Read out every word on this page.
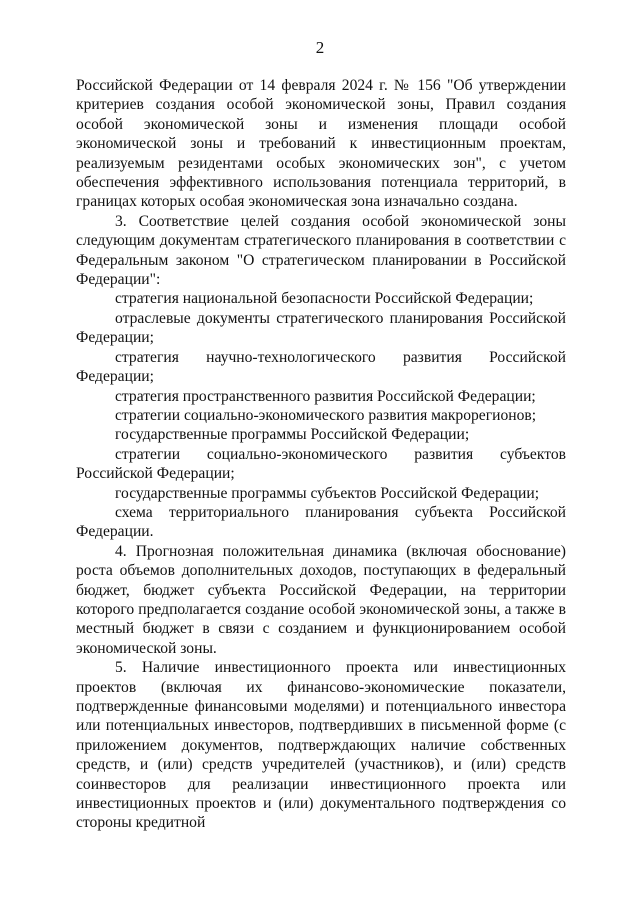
2

Российской Федерации от 14 февраля 2024 г. № 156 "Об утверждении критериев создания особой экономической зоны, Правил создания особой экономической зоны и изменения площади особой экономической зоны и требований к инвестиционным проектам, реализуемым резидентами особых экономических зон", с учетом обеспечения эффективного использования потенциала территорий, в границах которых особая экономическая зона изначально создана.

3. Соответствие целей создания особой экономической зоны следующим документам стратегического планирования в соответствии с Федеральным законом "О стратегическом планировании в Российской Федерации":

стратегия национальной безопасности Российской Федерации;

отраслевые документы стратегического планирования Российской Федерации;

стратегия научно-технологического развития Российской Федерации;

стратегия пространственного развития Российской Федерации;

стратегии социально-экономического развития макрорегионов;

государственные программы Российской Федерации;

стратегии социально-экономического развития субъектов Российской Федерации;

государственные программы субъектов Российской Федерации;

схема территориального планирования субъекта Российской Федерации.

4. Прогнозная положительная динамика (включая обоснование) роста объемов дополнительных доходов, поступающих в федеральный бюджет, бюджет субъекта Российской Федерации, на территории которого предполагается создание особой экономической зоны, а также в местный бюджет в связи с созданием и функционированием особой экономической зоны.

5. Наличие инвестиционного проекта или инвестиционных проектов (включая их финансово-экономические показатели, подтвержденные финансовыми моделями) и потенциального инвестора или потенциальных инвесторов, подтвердивших в письменной форме (с приложением документов, подтверждающих наличие собственных средств, и (или) средств учредителей (участников), и (или) средств соинвесторов для реализации инвестиционного проекта или инвестиционных проектов и (или) документального подтверждения со стороны кредитной
